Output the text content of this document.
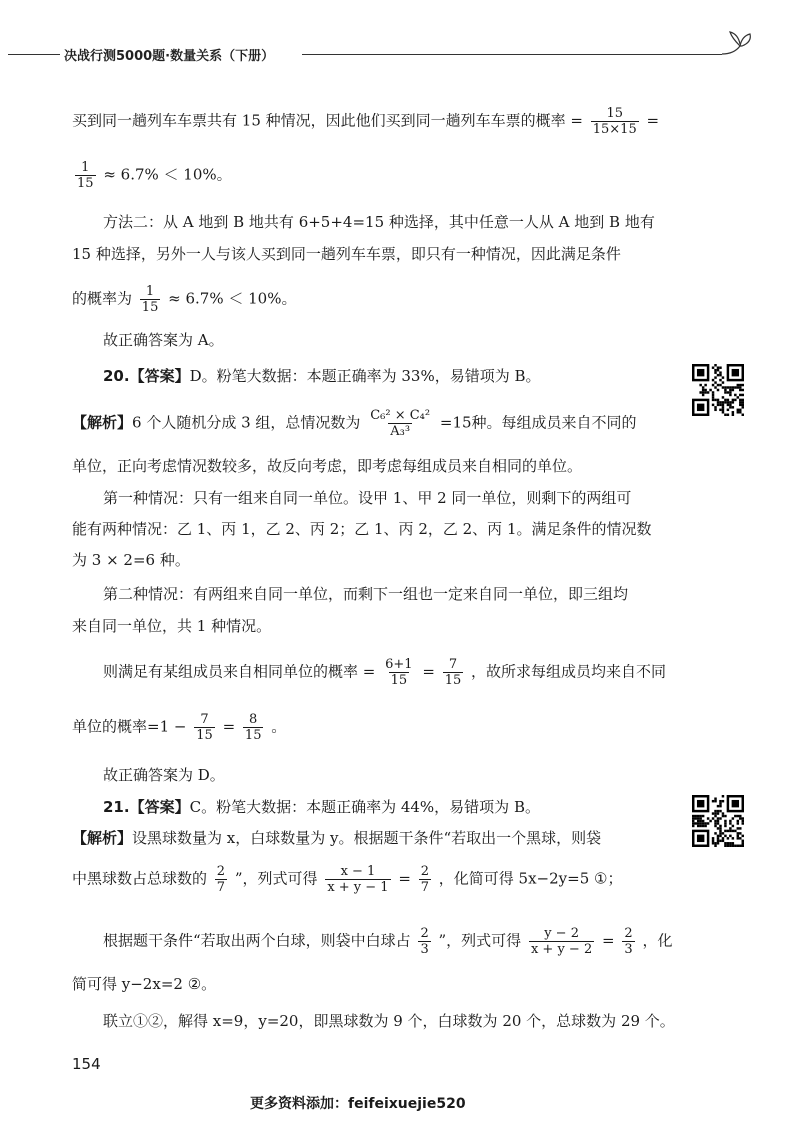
决战行测5000题·数量关系（下册）
买到同一趟列车车票共有 15 种情况，因此他们买到同一趟列车车票的概率 = $\frac{15}{15\times 15}$ =
$\frac{1}{15} \approx 6.7\% < 10\%$。
方法二：从 A 地到 B 地共有 6+5+4=15 种选择，其中任意一人从 A 地到 B 地有
15 种选择，另外一人与该人买到同一趟列车车票，即只有一种情况，因此满足条件
的概率为 $\frac{1}{15} \approx 6.7\% < 10\%$。
故正确答案为 A。
20.【答案】D。粉笔大数据：本题正确率为 33%，易错项为 B。
【解析】6 个人随机分成 3 组，总情况数为 $\frac{\text{C₆² × C₄²}}{\text{A₃³}} =15$种。每组成员来自不同的
单位，正向考虑情况数较多，故反向考虑，即考虑每组成员来自相同的单位。
第一种情况：只有一组来自同一单位。设甲 1、甲 2 同一单位，则剩下的两组可
能有两种情况：乙 1、丙 1，乙 2、丙 2；乙 1、丙 2，乙 2、丙 1。满足条件的情况数
为 3 × 2=6 种。
第二种情况：有两组来自同一单位，而剩下一组也一定来自同一单位，即三组均
来自同一单位，共 1 种情况。
则满足有某组成员来自相同单位的概率 = $\frac{6+1}{15} = \frac{7}{15}$ ，故所求每组成员均来自不同
单位的概率$=1 - \frac{7}{15} = \frac{8}{15}$ 。
故正确答案为 D。
21.【答案】C。粉笔大数据：本题正确率为 44%，易错项为 B。
【解析】设黑球数量为 x，白球数量为 y。根据题干条件“若取出一个黑球，则袋
中黑球数占总球数的 $\frac{2}{7}$ ”，列式可得 $\frac{x - 1}{x + y - 1} = \frac{2}{7}$ ，化简可得 5x−2y=5 ①；
根据题干条件“若取出两个白球，则袋中白球占 $\frac{2}{3}$ ”，列式可得 $\frac{y - 2}{x + y - 2} = \frac{2}{3}$ ，化
简可得 y−2x=2 ②。
联立①②，解得 x=9，y=20，即黑球数为 9 个，白球数为 20 个，总球数为 29 个。
154
更多资料添加：feifeixuejie520
